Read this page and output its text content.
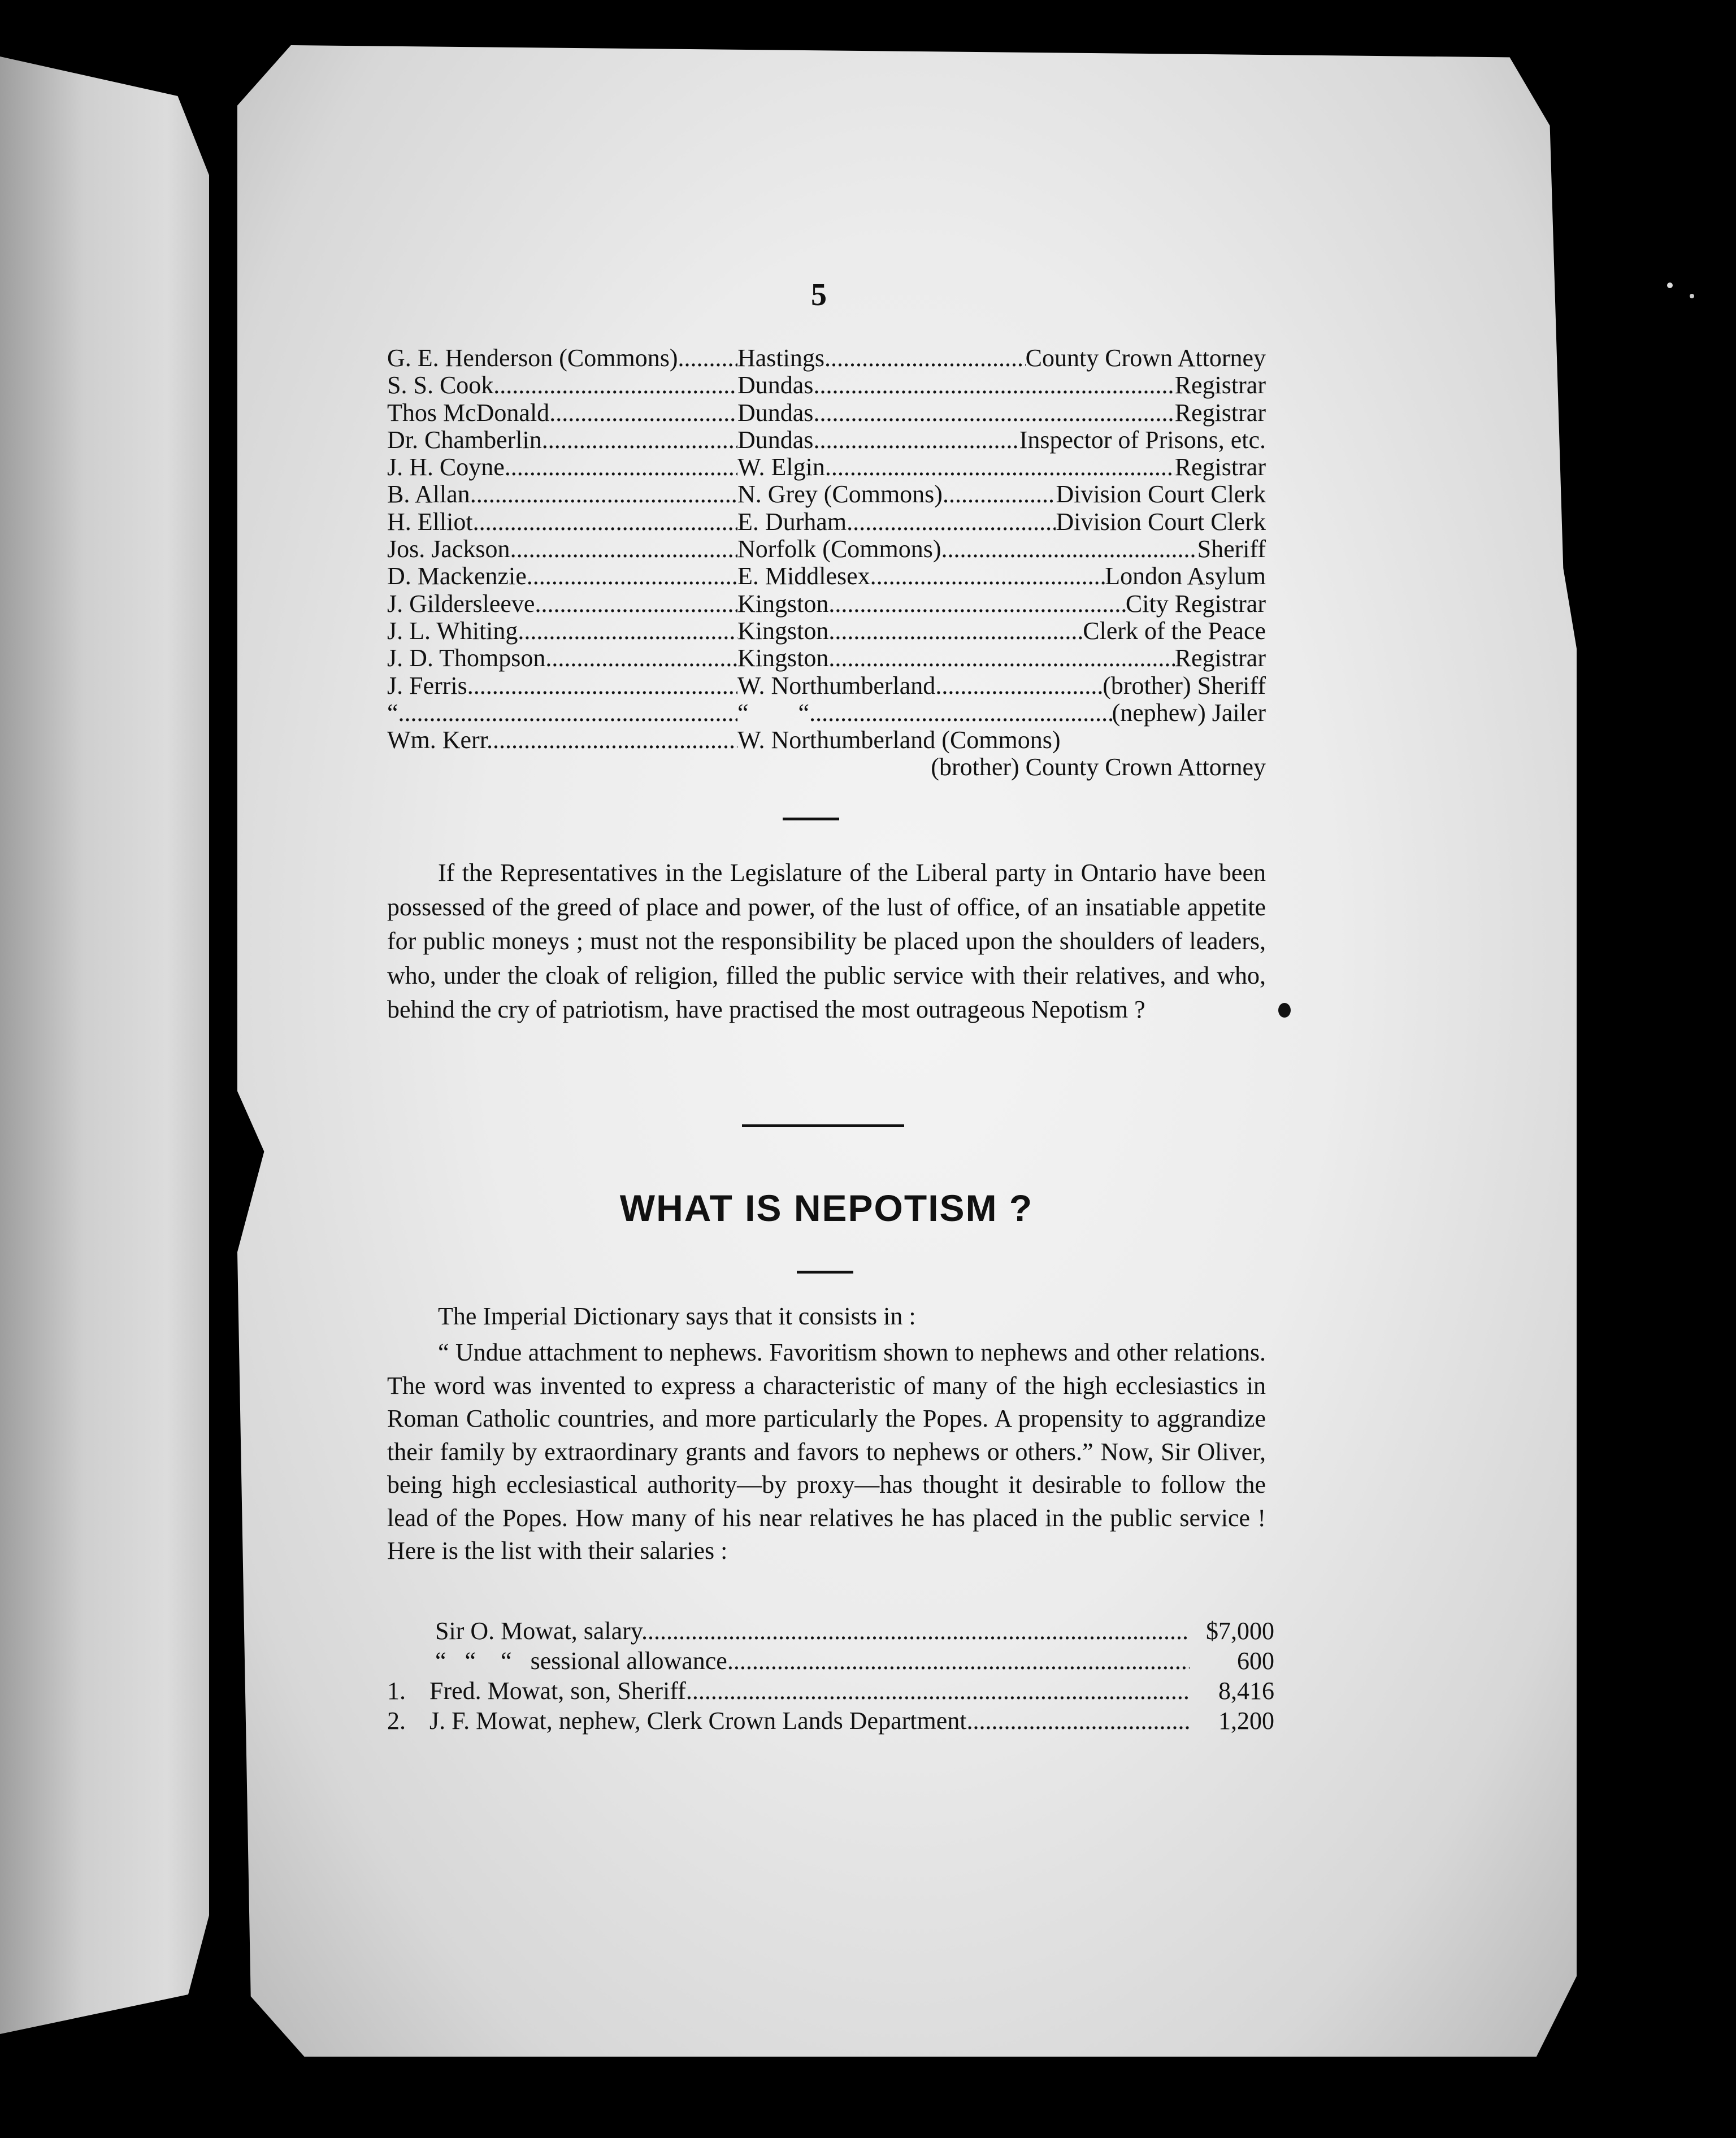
5
G. E. Henderson (Commons) .....	Hastings .....	County Crown Attorney
S. S. Cook .....	Dundas .....	Registrar
Thos McDonald .....	Dundas .....	Registrar
Dr. Chamberlin .....	Dundas .....	Inspector of Prisons, etc.
J. H. Coyne .....	W. Elgin .....	Registrar
B. Allan .....	N. Grey (Commons) .....	Division Court Clerk
H. Elliot .....	E. Durham .....	Division Court Clerk
Jos. Jackson .....	Norfolk (Commons) .....	Sheriff
D. Mackenzie .....	E. Middlesex .....	London Asylum
J. Gildersleeve .....	Kingston .....	City Registrar
J. L. Whiting .....	Kingston .....	Clerk of the Peace
J. D. Thompson .....	Kingston .....	Registrar
J. Ferris .....	W. Northumberland .....	(brother) Sheriff
“ .....	“        “ .....	(nephew) Jailer
Wm. Kerr .....	W. Northumberland (Commons)
(brother) County Crown Attorney

If the Representatives in the Legislature of the Liberal party in Ontario have been possessed of the greed of place and power, of the lust of office, of an insatiable appetite for public moneys ; must not the responsibility be placed upon the shoulders of leaders, who, under the cloak of religion, filled the public service with their relatives, and who, behind the cry of patriotism, have practised the most outrageous Nepotism ?

WHAT IS NEPOTISM ?

The Imperial Dictionary says that it consists in :

“ Undue attachment to nephews. Favoritism shown to nephews and other relations. The word was invented to express a characteristic of many of the high ecclesiastics in Roman Catholic countries, and more particularly the Popes. A propensity to aggrandize their family by extraordinary grants and favors to nephews or others.” Now, Sir Oliver, being high ecclesiastical authority—by proxy—has thought it desirable to follow the lead of the Popes. How many of his near relatives he has placed in the public service ! Here is the list with their salaries :

Sir O. Mowat, salary .....	$7,000
“   “    “   sessional allowance .....	600
1. Fred. Mowat, son, Sheriff .....	8,416
2. J. F. Mowat, nephew, Clerk Crown Lands Department .....	1,200
